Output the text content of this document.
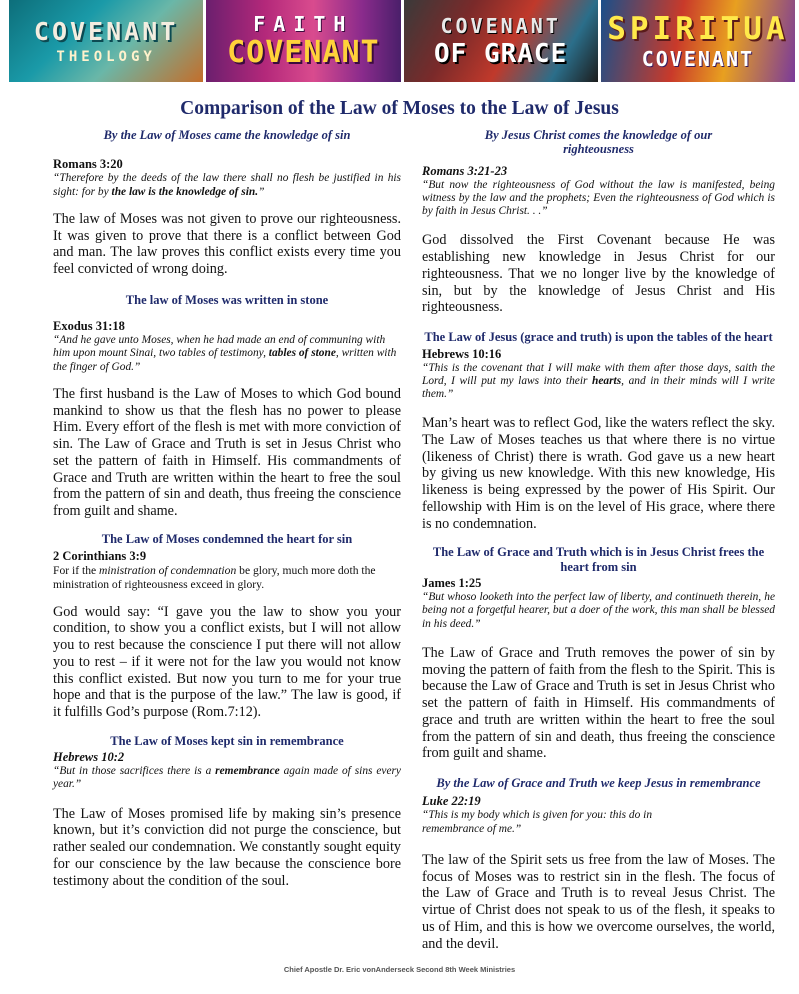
COVENANT
THEOLOGY
FAITH
COVENANT
COVENANT
OF GRACE
SPIRITUA
COVENANT
Comparison of the Law of Moses to the Law of Jesus

By the Law of Moses came the knowledge of sin

Romans 3:20

“Therefore by the deeds of the law there shall no flesh be justified in his sight: for by the law is the knowledge of sin.”

The law of Moses was not given to prove our righteousness. It was given to prove that there is a conflict between God and man. The law proves this conflict exists every time you feel convicted of wrong doing.

The law of Moses was written in stone

Exodus 31:18

“And he gave unto Moses, when he had made an end of communing with him upon mount Sinai, two tables of testimony, tables of stone, written with the finger of God.”

The first husband is the Law of Moses to which God bound mankind to show us that the flesh has no power to please Him. Every effort of the flesh is met with more conviction of sin. The Law of Grace and Truth is set in Jesus Christ who set the pattern of faith in Himself. His commandments of Grace and Truth are written within the heart to free the soul from the pattern of sin and death, thus freeing the conscience from guilt and shame.

The Law of Moses condemned the heart for sin

2 Corinthians 3:9

For if the ministration of condemnation be glory, much more doth the ministration of righteousness exceed in glory.

God would say: “I gave you the law to show you your condition, to show you a conflict exists, but I will not allow you to rest because the conscience I put there will not allow you to rest – if it were not for the law you would not know this conflict existed. But now you turn to me for your true hope and that is the purpose of the law.” The law is good, if it fulfills God’s purpose (Rom.7:12).

The Law of Moses kept sin in remembrance

Hebrews 10:2

“But in those sacrifices there is a remembrance again made of sins every year.”

The Law of Moses promised life by making sin’s presence known, but it’s conviction did not purge the conscience, but rather sealed our condemnation. We constantly sought equity for our conscience by the law because the conscience bore testimony about the condition of the soul.

By Jesus Christ comes the knowledge of our righteousness

Romans 3:21-23

“But now the righteousness of God without the law is manifested, being witness by the law and the prophets; Even the righteousness of God which is by faith in Jesus Christ. . .”

God dissolved the First Covenant because He was establishing new knowledge in Jesus Christ for our righteousness. That we no longer live by the knowledge of sin, but by the knowledge of Jesus Christ and His righteousness.

The Law of Jesus (grace and truth) is upon the tables of the heart

Hebrews 10:16

“This is the covenant that I will make with them after those days, saith the Lord, I will put my laws into their hearts, and in their minds will I write them.”

Man’s heart was to reflect God, like the waters reflect the sky. The Law of Moses teaches us that where there is no virtue (likeness of Christ) there is wrath. God gave us a new heart by giving us new knowledge. With this new knowledge, His likeness is being expressed by the power of His Spirit. Our fellowship with Him is on the level of His grace, where there is no condemnation.

The Law of Grace and Truth which is in Jesus Christ frees the heart from sin

James 1:25

“But whoso looketh into the perfect law of liberty, and continueth therein, he being not a forgetful hearer, but a doer of the work, this man shall be blessed in his deed.”

The Law of Grace and Truth removes the power of sin by moving the pattern of faith from the flesh to the Spirit. This is because the Law of Grace and Truth is set in Jesus Christ who set the pattern of faith in Himself. His commandments of grace and truth are written within the heart to free the soul from the pattern of sin and death, thus freeing the conscience from guilt and shame.

By the Law of Grace and Truth we keep Jesus in remembrance

Luke 22:19

“This is my body which is given for you: this do in remembrance of me.”

The law of the Spirit sets us free from the law of Moses. The focus of Moses was to restrict sin in the flesh. The focus of the Law of Grace and Truth is to reveal Jesus Christ. The virtue of Christ does not speak to us of the flesh, it speaks to us of Him, and this is how we overcome ourselves, the world, and the devil.

Chief Apostle Dr. Eric vonAnderseck Second 8th Week Ministries
